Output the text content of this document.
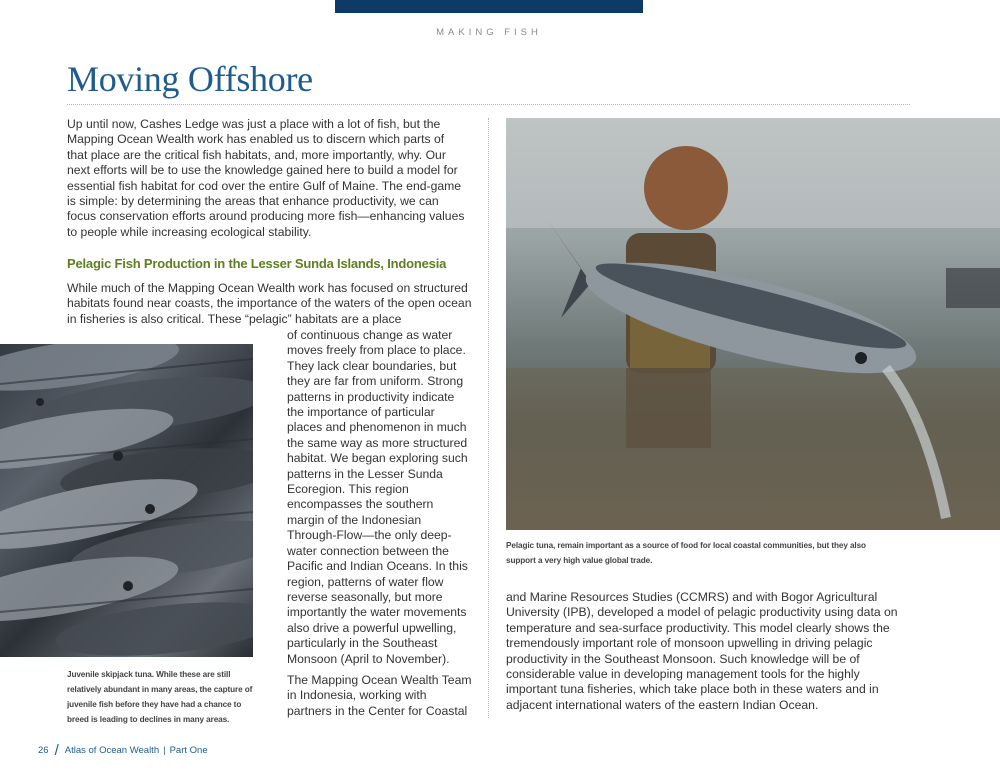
MAKING FISH
Moving Offshore

Up until now, Cashes Ledge was just a place with a lot of fish, but the Mapping Ocean Wealth work has enabled us to discern which parts of that place are the critical fish habitats, and, more importantly, why. Our next efforts will be to use the knowledge gained here to build a model for essential fish habitat for cod over the entire Gulf of Maine. The end-game is simple: by determining the areas that enhance productivity, we can focus conservation efforts around producing more fish—enhancing values to people while increasing ecological stability.

Pelagic Fish Production in the Lesser Sunda Islands, Indonesia

While much of the Mapping Ocean Wealth work has focused on structured habitats found near coasts, the importance of the waters of the open ocean in fisheries is also critical. These “pelagic” habitats are a place

of continuous change as water moves freely from place to place. They lack clear boundaries, but they are far from uniform. Strong patterns in productivity indicate the importance of particular places and phenomenon in much the same way as more structured habitat. We began exploring such patterns in the Lesser Sunda Ecoregion. This region encompasses the southern margin of the Indonesian Through-Flow—the only deep-water connection between the Pacific and Indian Oceans. In this region, patterns of water flow reverse seasonally, but more importantly the water movements also drive a powerful upwelling, particularly in the Southeast Monsoon (April to November).

The Mapping Ocean Wealth Team in Indonesia, working with partners in the Center for Coastal

and Marine Resources Studies (CCMRS) and with Bogor Agricultural University (IPB), developed a model of pelagic productivity using data on temperature and sea-surface productivity. This model clearly shows the tremendously important role of monsoon upwelling in driving pelagic productivity in the Southeast Monsoon. Such knowledge will be of considerable value in developing management tools for the highly important tuna fisheries, which take place both in these waters and in adjacent international waters of the eastern Indian Ocean.

Juvenile skipjack tuna. While these are still relatively abundant in many areas, the capture of juvenile fish before they have had a chance to breed is leading to declines in many areas.

Pelagic tuna, remain important as a source of food for local coastal communities, but they also support a very high value global trade.

26 / Atlas of Ocean Wealth | Part One
